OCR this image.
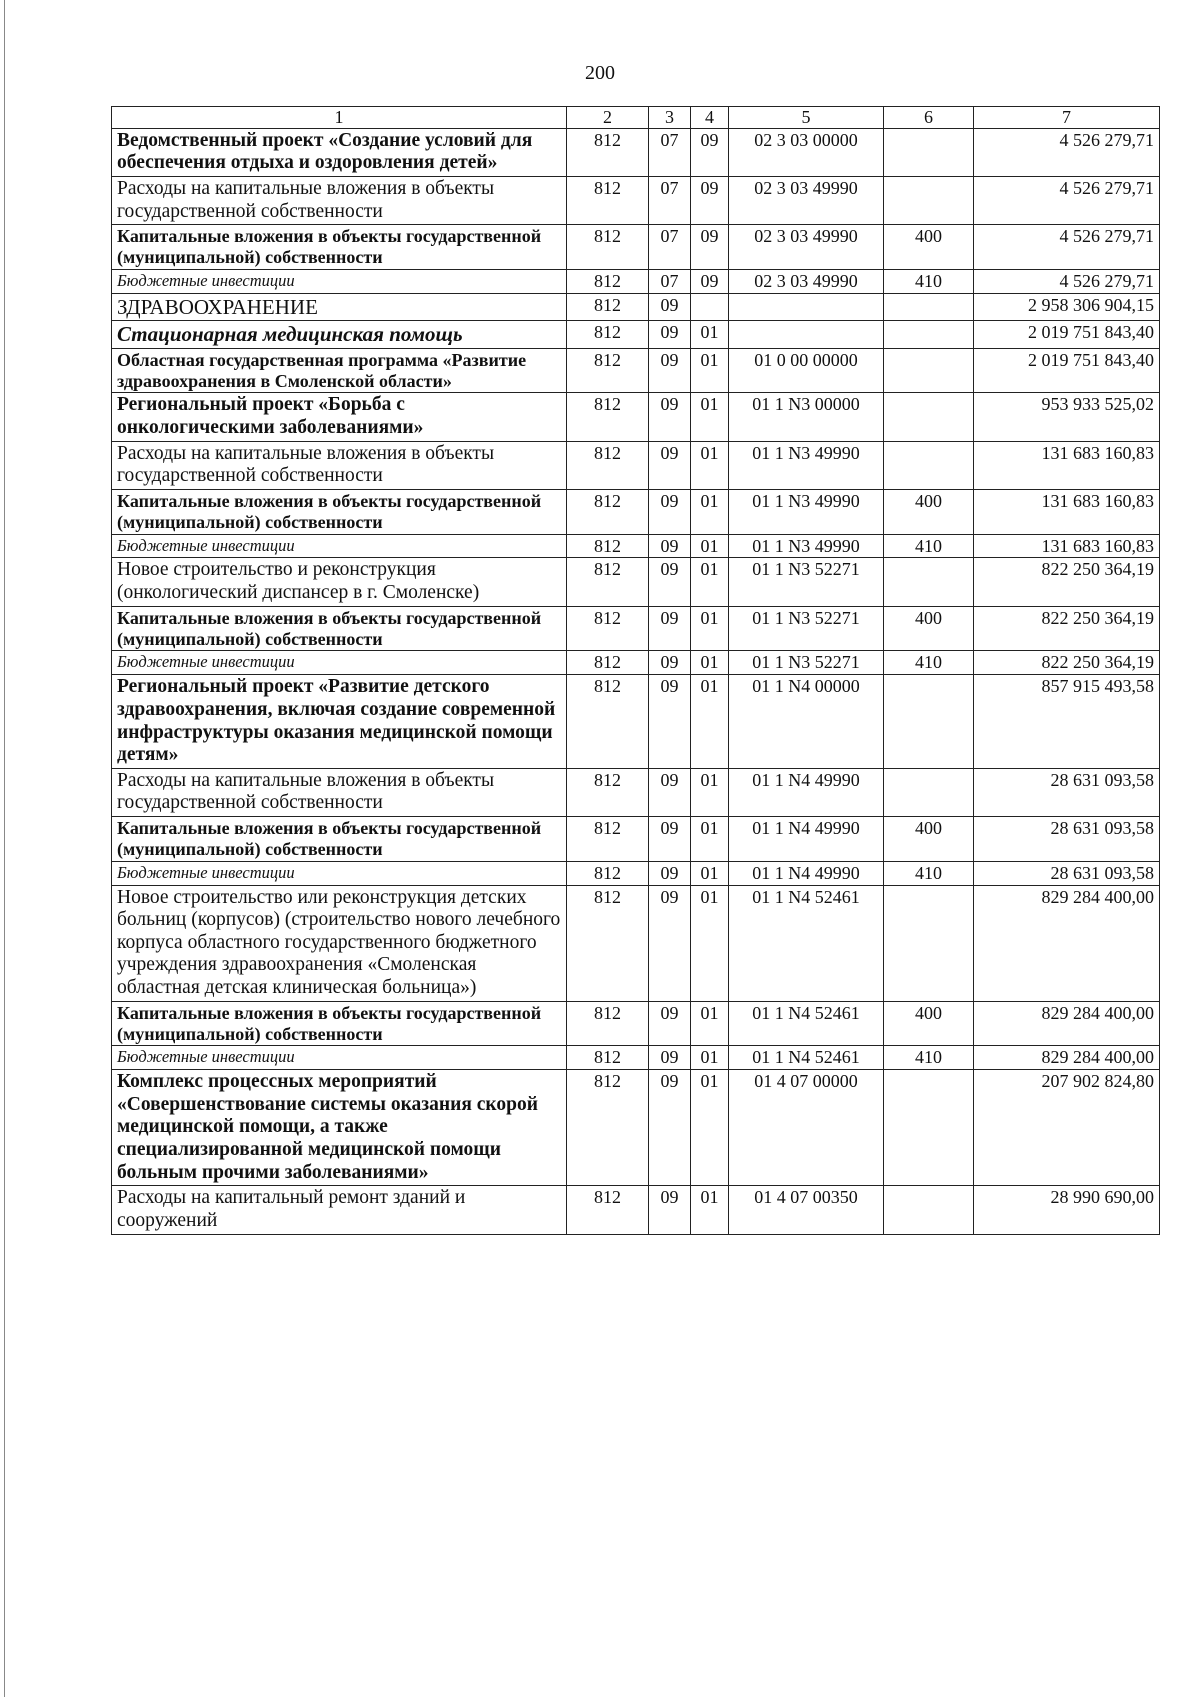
200
1	2	3	4	5	6	7
Ведомственный проект «Создание условий для обеспечения отдыха и оздоровления детей»	812	07	09	02 3 03 00000		4 526 279,71
Расходы на капитальные вложения в объекты государственной собственности	812	07	09	02 3 03 49990		4 526 279,71
Капитальные вложения в объекты государственной (муниципальной) собственности	812	07	09	02 3 03 49990	400	4 526 279,71
Бюджетные инвестиции	812	07	09	02 3 03 49990	410	4 526 279,71
ЗДРАВООХРАНЕНИЕ	812	09				2 958 306 904,15
Стационарная медицинская помощь	812	09	01			2 019 751 843,40
Областная государственная программа «Развитие здравоохранения в Смоленской области»	812	09	01	01 0 00 00000		2 019 751 843,40
Региональный проект «Борьба с онкологическими заболеваниями»	812	09	01	01 1 N3 00000		953 933 525,02
Расходы на капитальные вложения в объекты государственной собственности	812	09	01	01 1 N3 49990		131 683 160,83
Капитальные вложения в объекты государственной (муниципальной) собственности	812	09	01	01 1 N3 49990	400	131 683 160,83
Бюджетные инвестиции	812	09	01	01 1 N3 49990	410	131 683 160,83
Новое строительство и реконструкция (онкологический диспансер в г. Смоленске)	812	09	01	01 1 N3 52271		822 250 364,19
Капитальные вложения в объекты государственной (муниципальной) собственности	812	09	01	01 1 N3 52271	400	822 250 364,19
Бюджетные инвестиции	812	09	01	01 1 N3 52271	410	822 250 364,19
Региональный проект «Развитие детского здравоохранения, включая создание современной инфраструктуры оказания медицинской помощи детям»	812	09	01	01 1 N4 00000		857 915 493,58
Расходы на капитальные вложения в объекты государственной собственности	812	09	01	01 1 N4 49990		28 631 093,58
Капитальные вложения в объекты государственной (муниципальной) собственности	812	09	01	01 1 N4 49990	400	28 631 093,58
Бюджетные инвестиции	812	09	01	01 1 N4 49990	410	28 631 093,58
Новое строительство или реконструкция детских больниц (корпусов) (строительство нового лечебного корпуса областного государственного бюджетного учреждения здравоохранения «Смоленская областная детская клиническая больница»)	812	09	01	01 1 N4 52461		829 284 400,00
Капитальные вложения в объекты государственной (муниципальной) собственности	812	09	01	01 1 N4 52461	400	829 284 400,00
Бюджетные инвестиции	812	09	01	01 1 N4 52461	410	829 284 400,00
Комплекс процессных мероприятий «Совершенствование системы оказания скорой медицинской помощи, а также специализированной медицинской помощи больным прочими заболеваниями»	812	09	01	01 4 07 00000		207 902 824,80
Расходы на капитальный ремонт зданий и сооружений	812	09	01	01 4 07 00350		28 990 690,00
